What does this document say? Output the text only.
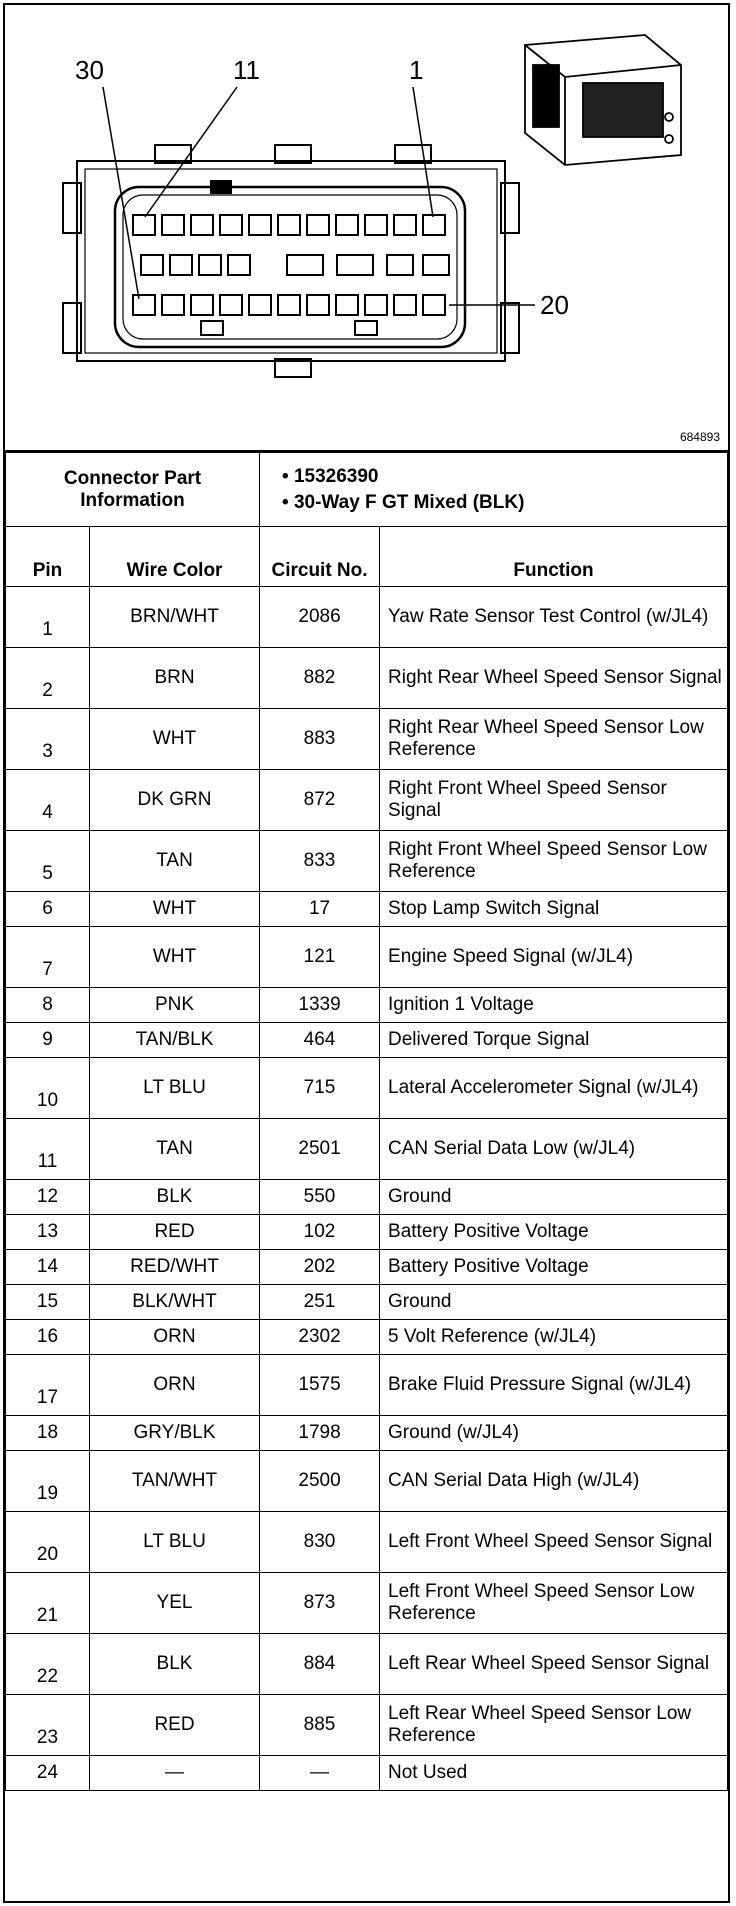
30	11	1
20
684893
Connector Part Information		• 15326390
• 30-Way F GT Mixed (BLK)	

Pin	Wire Color	Circuit No.	Function
1	BRN/WHT	2086	Yaw Rate Sensor Test Control (w/JL4)
2	BRN	882	Right Rear Wheel Speed Sensor Signal
3	WHT	883	Right Rear Wheel Speed Sensor Low Reference
4	DK GRN	872	Right Front Wheel Speed Sensor Signal
5	TAN	833	Right Front Wheel Speed Sensor Low Reference
6	WHT	17	Stop Lamp Switch Signal
7	WHT	121	Engine Speed Signal (w/JL4)
8	PNK	1339	Ignition 1 Voltage
9	TAN/BLK	464	Delivered Torque Signal
10	LT BLU	715	Lateral Accelerometer Signal (w/JL4)
11	TAN	2501	CAN Serial Data Low (w/JL4)
12	BLK	550	Ground
13	RED	102	Battery Positive Voltage
14	RED/WHT	202	Battery Positive Voltage
15	BLK/WHT	251	Ground
16	ORN	2302	5 Volt Reference (w/JL4)
17	ORN	1575	Brake Fluid Pressure Signal (w/JL4)
18	GRY/BLK	1798	Ground (w/JL4)
19	TAN/WHT	2500	CAN Serial Data High (w/JL4)
20	LT BLU	830	Left Front Wheel Speed Sensor Signal
21	YEL	873	Left Front Wheel Speed Sensor Low Reference
22	BLK	884	Left Rear Wheel Speed Sensor Signal
23	RED	885	Left Rear Wheel Speed Sensor Low Reference
24	—	—	Not Used
